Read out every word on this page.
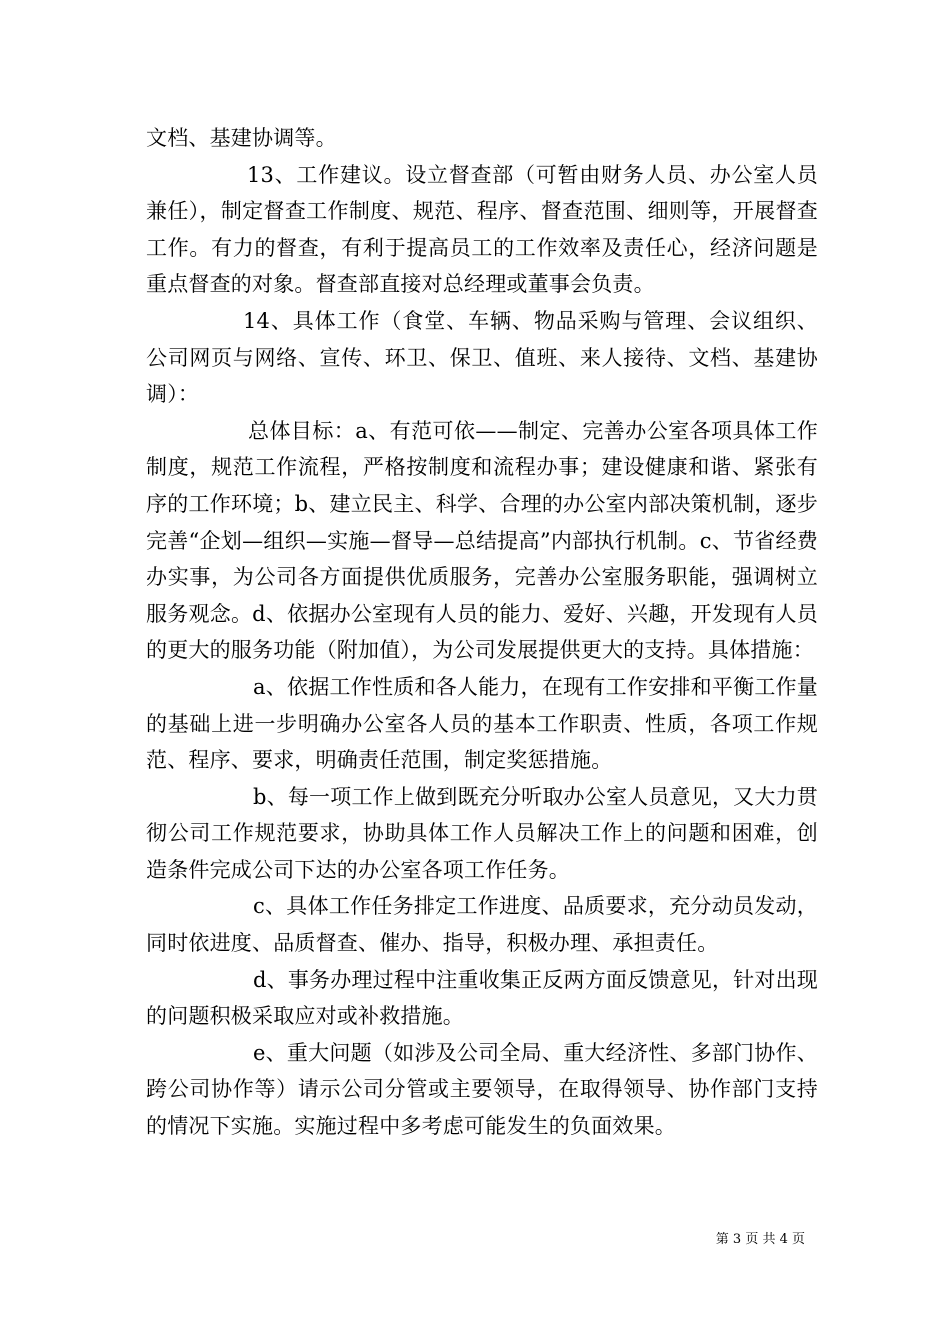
文档、基建协调等。

13、工作建议。设立督查部（可暂由财务人员、办公室人员兼任），制定督查工作制度、规范、程序、督查范围、细则等，开展督查工作。有力的督查，有利于提高员工的工作效率及责任心，经济问题是重点督查的对象。督查部直接对总经理或董事会负责。

14、具体工作（食堂、车辆、物品采购与管理、会议组织、公司网页与网络、宣传、环卫、保卫、值班、来人接待、文档、基建协调）：

总体目标：a、有范可依——制定、完善办公室各项具体工作制度，规范工作流程，严格按制度和流程办事；建设健康和谐、紧张有序的工作环境；b、建立民主、科学、合理的办公室内部决策机制，逐步完善“企划—组织—实施—督导—总结提高”内部执行机制。c、节省经费办实事，为公司各方面提供优质服务，完善办公室服务职能，强调树立服务观念。d、依据办公室现有人员的能力、爱好、兴趣，开发现有人员的更大的服务功能（附加值），为公司发展提供更大的支持。具体措施：

a、依据工作性质和各人能力，在现有工作安排和平衡工作量的基础上进一步明确办公室各人员的基本工作职责、性质，各项工作规范、程序、要求，明确责任范围，制定奖惩措施。

b、每一项工作上做到既充分听取办公室人员意见，又大力贯彻公司工作规范要求，协助具体工作人员解决工作上的问题和困难，创造条件完成公司下达的办公室各项工作任务。

c、具体工作任务排定工作进度、品质要求，充分动员发动，同时依进度、品质督查、催办、指导，积极办理、承担责任。

d、事务办理过程中注重收集正反两方面反馈意见，针对出现的问题积极采取应对或补救措施。

e、重大问题（如涉及公司全局、重大经济性、多部门协作、跨公司协作等）请示公司分管或主要领导，在取得领导、协作部门支持的情况下实施。实施过程中多考虑可能发生的负面效果。

第 3 页 共 4 页
